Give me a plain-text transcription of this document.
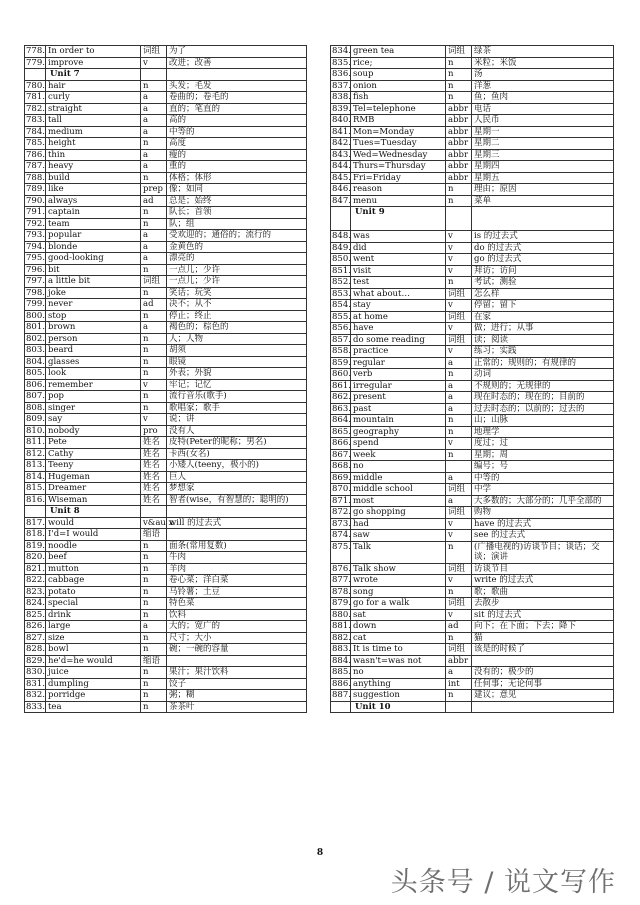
778.	In order to	词组	为了
779.	improve	v	改进；改善
	Unit 7		
780.	hair	n	头发；毛发
781.	curly	a	卷曲的；卷毛的
782.	straight	a	直的；笔直的
783.	tall	a	高的
784.	medium	a	中等的
785.	height	n	高度
786.	thin	a	瘦的
787.	heavy	a	重的
788.	build	n	体格；体形
789.	like	prep	像；如同
790.	always	ad	总是；始终
791.	captain	n	队长；首领
792.	team	n	队；组
793.	popular	a	受欢迎的；通俗的；流行的
794.	blonde	a	金黄色的
795.	good-looking	a	漂亮的
796.	bit	n	一点儿；少许
797.	a little bit	词组	一点儿；少许
798.	joke	n	笑话；玩笑
799.	never	ad	决不；从不
800.	stop	n	停止；终止
801.	brown	a	褐色的；棕色的
802.	person	n	人；人物
803.	beard	n	胡须
804.	glasses	n	眼镜
805.	look	n	外表；外貌
806.	remember	v	牢记；记忆
807.	pop	n	流行音乐(歌手)
808.	singer	n	歌唱家；歌手
809.	say	v	说；讲
810.	nobody	pro	没有人
811.	Pete	姓名	皮特(Peter的昵称；男名)
812.	Cathy	姓名	卡西(女名)
813.	Teeny	姓名	小矮人(teeny，极小的)
814.	Hugeman	姓名	巨人
815.	Dreamer	姓名	梦想家
816.	Wiseman	姓名	智者(wise，有智慧的；聪明的)
	Unit 8		
817.	would	v&au x	will 的过去式
818.	I'd=I would	缩语	
819.	noodle	n	面条(常用复数)
820.	beef	n	牛肉
821.	mutton	n	羊肉
822.	cabbage	n	卷心菜；洋白菜
823.	potato	n	马铃薯；土豆
824.	special	n	特色菜
825.	drink	n	饮料
826.	large	a	大的；宽广的
827.	size	n	尺寸；大小
828.	bowl	n	碗；一碗的容量
829.	he'd=he would	缩语	
830.	juice	n	果汁；果汁饮料
831.	dumpling	n	饺子
832.	porridge	n	粥；糊
833.	tea	n	茶茶叶
834.	green tea	词组	绿茶
835.	rice;	n	米粒；米饭
836.	soup	n	汤
837.	onion	n	洋葱
838.	fish	n	鱼；鱼肉
839.	Tel=telephone	abbr	电话
840.	RMB	abbr	人民币
841.	Mon=Monday	abbr	星期一
842.	Tues=Tuesday	abbr	星期二
843.	Wed=Wednesday	abbr	星期三
844.	Thurs=Thursday	abbr	星期四
845.	Fri=Friday	abbr	星期五
846.	reason	n	理由；原因
847.	menu	n	菜单
	Unit 9		
848.	was	v	is 的过去式
849.	did	v	do 的过去式
850.	went	v	go 的过去式
851.	visit	v	拜访；访问
852.	test	n	考试；测验
853.	what about…	词组	怎么样
854.	stay	v	停留；留下
855.	at home	词组	在家
856.	have	v	做；进行；从事
857.	do some reading	词组	读；阅读
858.	practice	v	练习；实践
859.	regular	a	正常的；规则的；有规律的
860.	verb	n	动词
861.	irregular	a	不规则的；无规律的
862.	present	a	现在时态的；现在的；目前的
863.	past	a	过去时态的；以前的；过去的
864.	mountain	n	山；山脉
865.	geography	n	地理学
866.	spend	v	度过；过
867.	week	n	星期；周
868.	no		编号；号
869.	middle	a	中等的
870.	middle school	词组	中学
871.	most	a	大多数的；大部分的；几乎全部的
872.	go shopping	词组	购物
873.	had	v	have 的过去式
874.	saw	v	see 的过去式
875.	Talk	n	(广播电视的)访谈节目；谈话；交谈；演讲
876.	Talk show	词组	访谈节目
877.	wrote	v	write 的过去式
878.	song	n	歌；歌曲
879.	go for a walk	词组	去散步
880.	sat	v	sit 的过去式
881.	down	ad	向下；在下面；下去；降下
882.	cat	n	猫
883.	It is time to	词组	该是的时候了
884.	wasn't=was not	abbr	
885.	no	a	没有的；极少的
886.	anything	int	任何事；无论何事
887.	suggestion	n	建议；意见
	Unit 10		
8
头条号 / 说文写作
